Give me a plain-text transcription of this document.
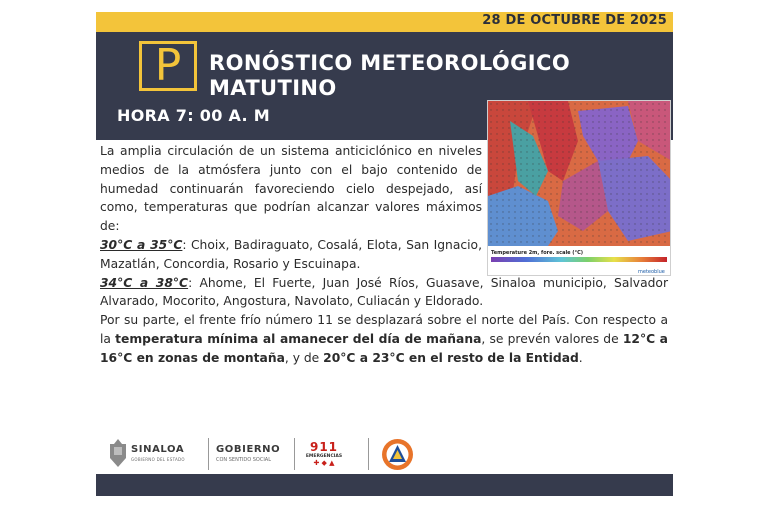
28 DE OCTUBRE DE 2025
P	RONÓSTICO METEOROLÓGICO
MATUTINO
HORA 7: 00 A. M
Temperature 2m, fore. scale (°C)
meteoblue

La amplia circulación de un sistema anticiclónico en niveles medios de la atmósfera junto con el bajo contenido de humedad continuarán favoreciendo cielo despejado, así como, temperaturas que podrían alcanzar valores máximos de:

30°C a 35°C: Choix, Badiraguato, Cosalá, Elota, San Ignacio, Mazatlán, Concordia, Rosario y Escuinapa.

34°C a 38°C: Ahome, El Fuerte, Juan José Ríos, Guasave, Sinaloa municipio, Salvador Alvarado, Mocorito, Angostura, Navolato, Culiacán y Eldorado.

Por su parte, el frente frío número 11 se desplazará sobre el norte del País. Con respecto a la temperatura mínima al amanecer del día de mañana, se prevén valores de 12°C a 16°C en zonas de montaña, y de 20°C a 23°C en el resto de la Entidad.

SINALOA
GOBIERNO DEL ESTADO
GOBIERNO
CON SENTIDO SOCIAL
911
EMERGENCIAS
✚ ◆ ▲
